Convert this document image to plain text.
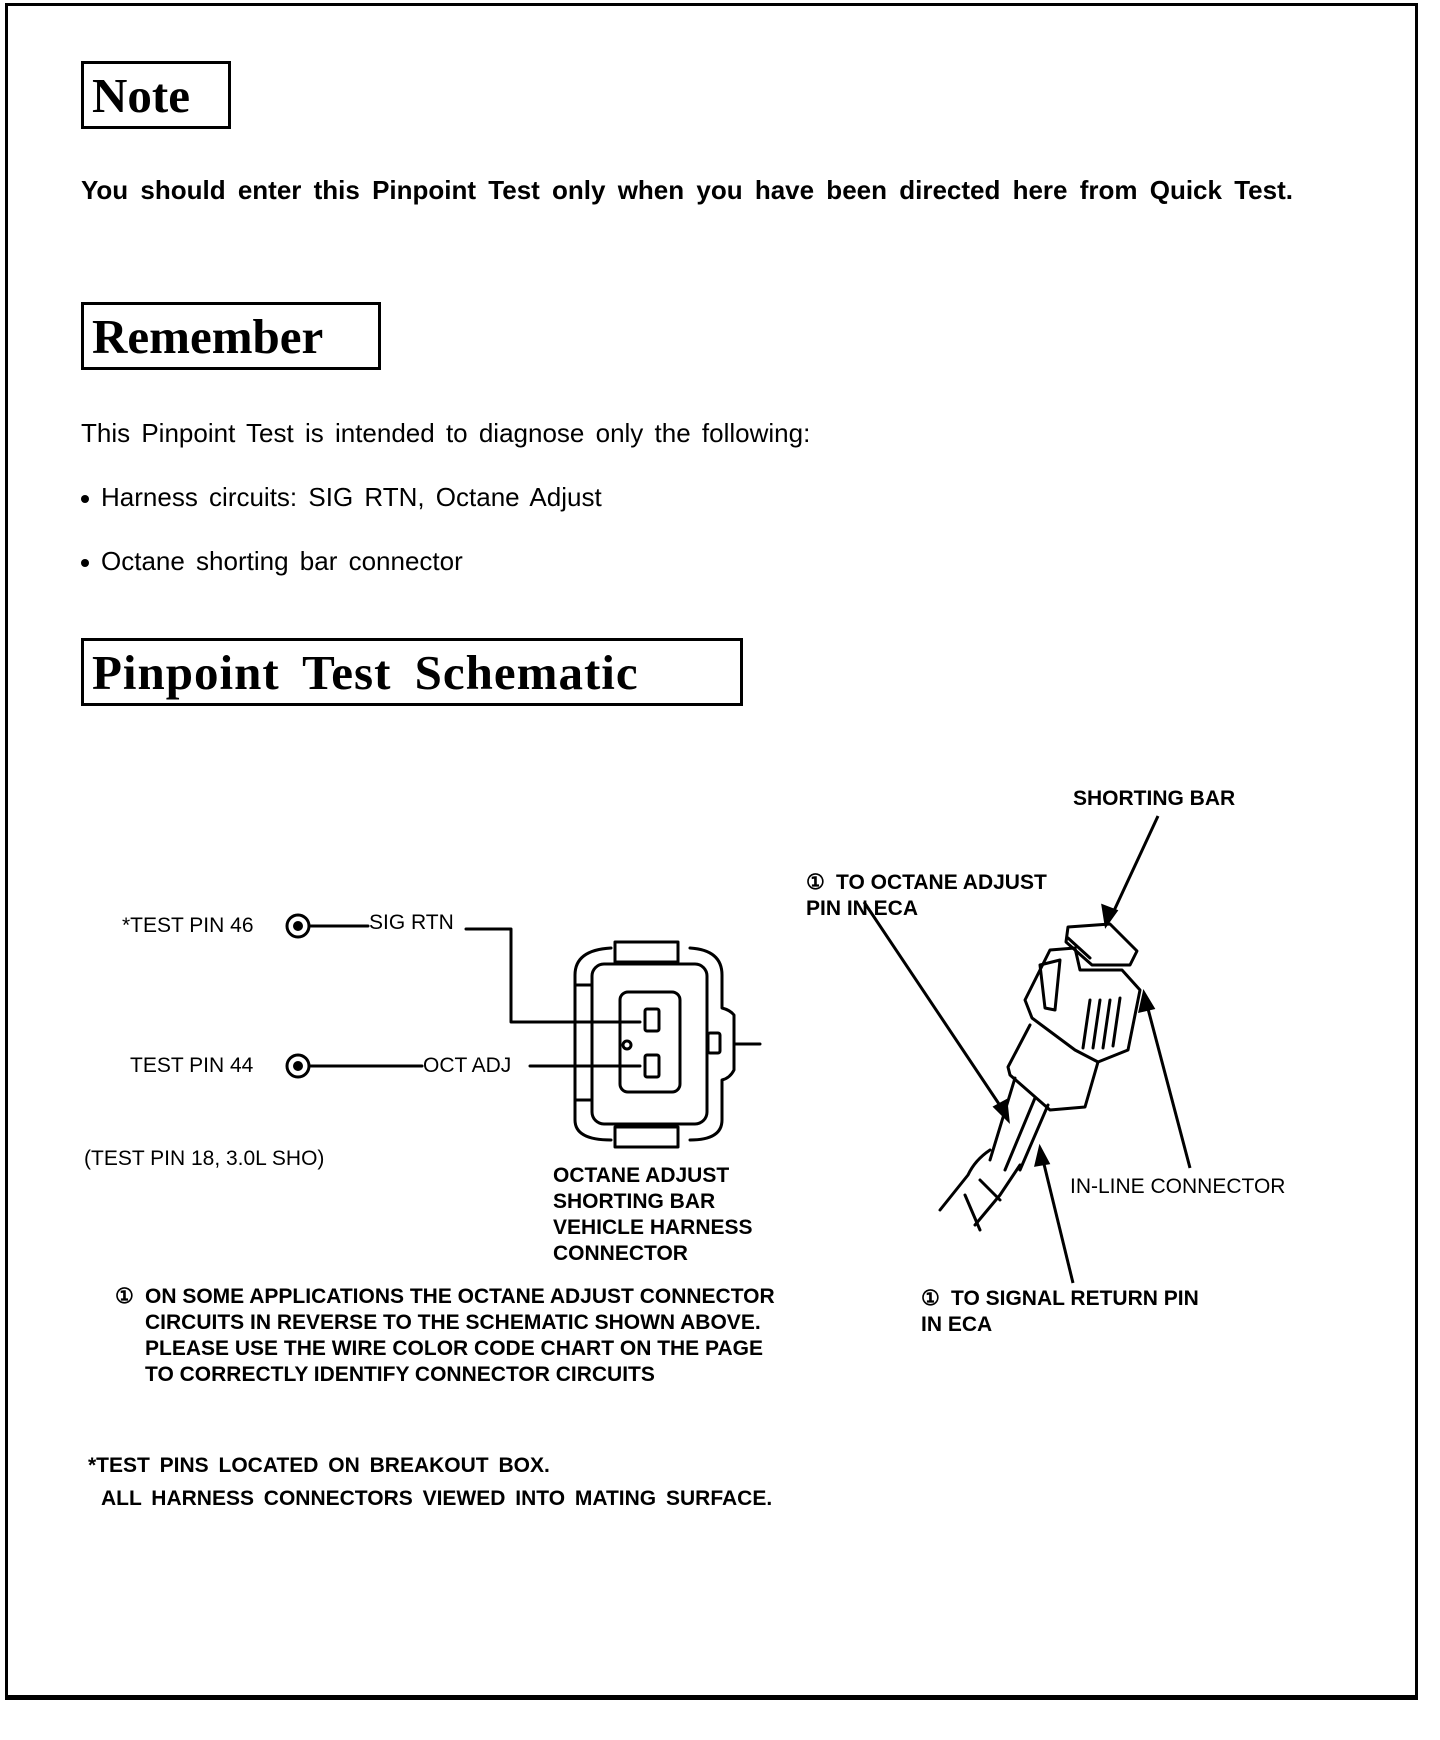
Note
You should enter this Pinpoint Test only when you have been directed here from Quick Test.
Remember
This Pinpoint Test is intended to diagnose only the following:
Harness circuits: SIG RTN, Octane Adjust
Octane shorting bar connector
Pinpoint Test Schematic
*TEST PIN 46	SIG RTN
TEST PIN 44	OCT ADJ
(TEST PIN 18, 3.0L SHO)
OCTANE ADJUST
SHORTING BAR
VEHICLE HARNESS
CONNECTOR
① ON SOME APPLICATIONS THE OCTANE ADJUST CONNECTOR
CIRCUITS IN REVERSE TO THE SCHEMATIC SHOWN ABOVE.
PLEASE USE THE WIRE COLOR CODE CHART ON THE PAGE
TO CORRECTLY IDENTIFY CONNECTOR CIRCUITS
SHORTING BAR
① TO OCTANE ADJUST
PIN IN ECA
IN-LINE CONNECTOR
① TO SIGNAL RETURN PIN
IN ECA
*TEST PINS LOCATED ON BREAKOUT BOX.
ALL HARNESS CONNECTORS VIEWED INTO MATING SURFACE.
